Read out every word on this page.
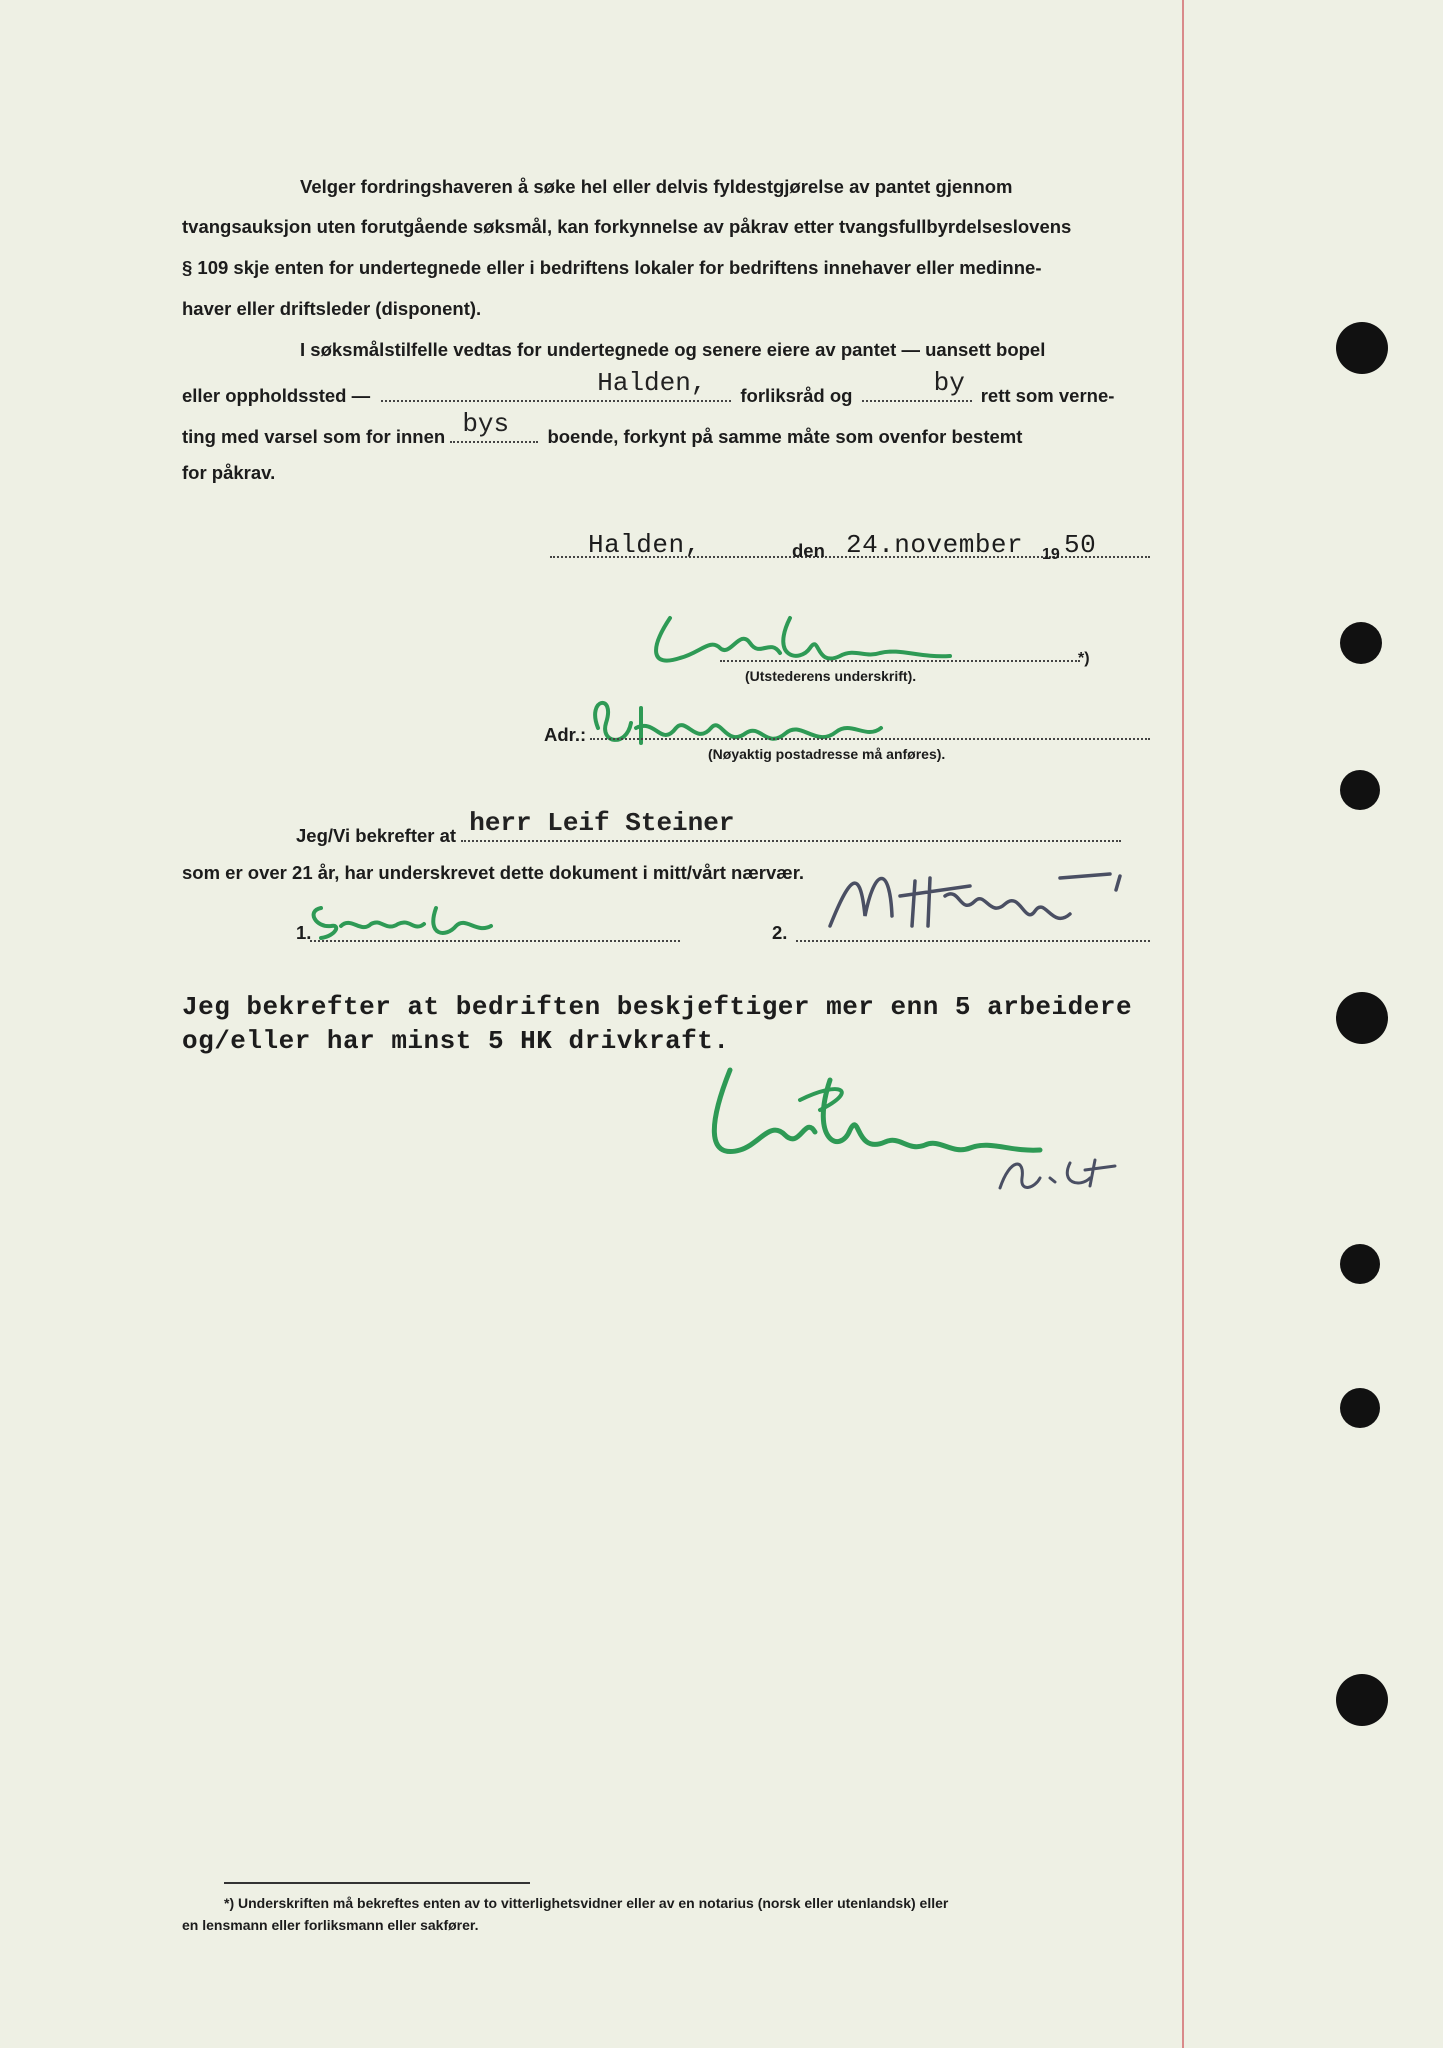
Velger fordringshaveren å søke hel eller delvis fyldestgjørelse av pantet gjennom
tvangsauksjon uten forutgående søksmål, kan forkynnelse av påkrav etter tvangsfullbyrdelseslovens
§ 109 skje enten for undertegnede eller i bedriftens lokaler for bedriftens innehaver eller medinne-
haver eller driftsleder (disponent).
I søksmålstilfelle vedtas for undertegnede og senere eiere av pantet — uansett bopel
eller oppholdssted —	Halden, forliksråd og	by rett som verne-
ting med varsel som for innen bys boende, forkynt på samme måte som ovenfor bestemt
for påkrav.
Halden,	den 24.november 19 50
*)
(Utstederens underskrift).
Adr.:
(Nøyaktig postadresse må anføres).
Jeg/Vi bekrefter at herr Leif Steiner
som er over 21 år, har underskrevet dette dokument i mitt/vårt nærvær.
1.	2.
Jeg bekrefter at bedriften beskjeftiger mer enn 5 arbeidere
og/eller har minst 5 HK drivkraft.
*) Underskriften må bekreftes enten av to vitterlighetsvidner eller av en notarius (norsk eller utenlandsk) eller
en lensmann eller forliksmann eller sakfører.
